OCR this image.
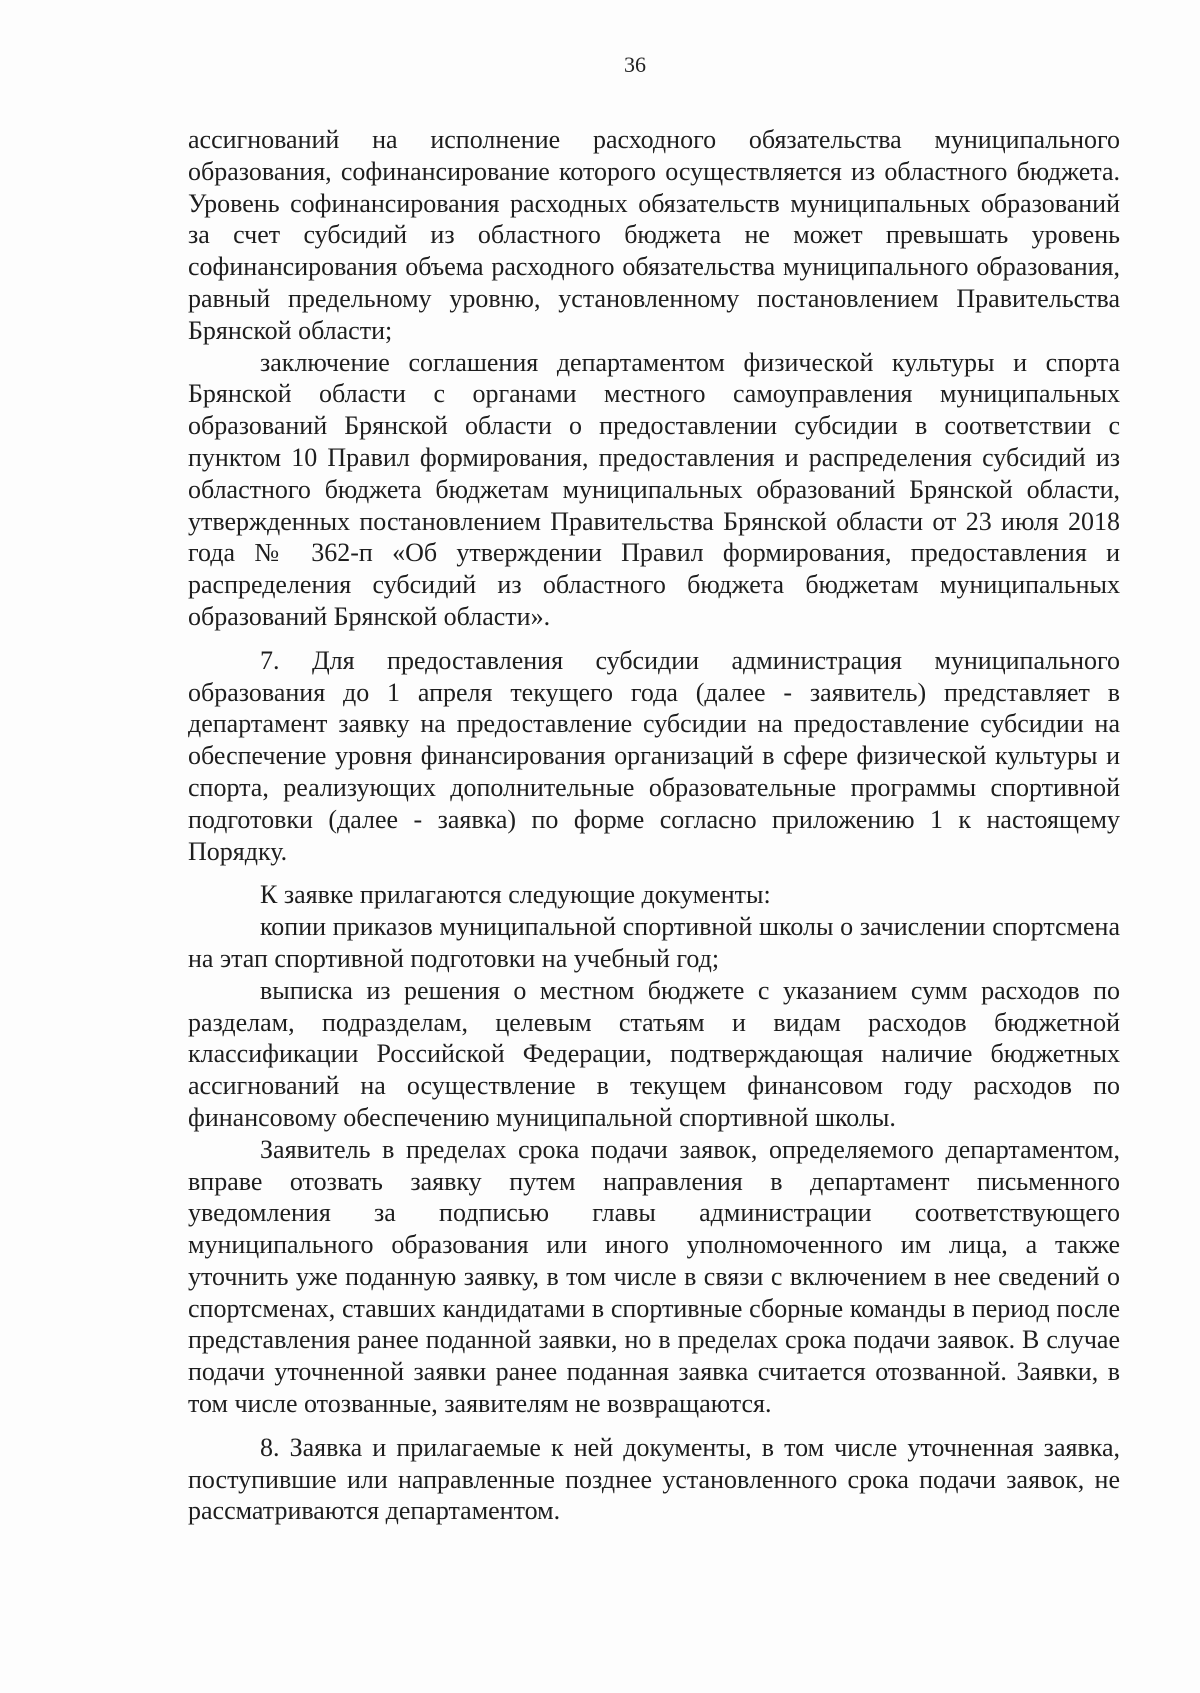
36

ассигнований на исполнение расходного обязательства муниципального образования, софинансирование которого осуществляется из областного бюджета. Уровень софинансирования расходных обязательств муниципальных образований за счет субсидий из областного бюджета не может превышать уровень софинансирования объема расходного обязательства муниципального образования, равный предельному уровню, установленному постановлением Правительства Брянской области;

заключение соглашения департаментом физической культуры и спорта Брянской области с органами местного самоуправления муниципальных образований Брянской области о предоставлении субсидии в соответствии с пунктом 10 Правил формирования, предоставления и распределения субсидий из областного бюджета бюджетам муниципальных образований Брянской области, утвержденных постановлением Правительства Брянской области от 23 июля 2018 года № 362-п «Об утверждении Правил формирования, предоставления и распределения субсидий из областного бюджета бюджетам муниципальных образований Брянской области».

7. Для предоставления субсидии администрация муниципального образования до 1 апреля текущего года (далее - заявитель) представляет в департамент заявку на предоставление субсидии на предоставление субсидии на обеспечение уровня финансирования организаций в сфере физической культуры и спорта, реализующих дополнительные образовательные программы спортивной подготовки (далее - заявка) по форме согласно приложению 1 к настоящему Порядку.

К заявке прилагаются следующие документы:

копии приказов муниципальной спортивной школы о зачислении спортсмена на этап спортивной подготовки на учебный год;

выписка из решения о местном бюджете с указанием сумм расходов по разделам, подразделам, целевым статьям и видам расходов бюджетной классификации Российской Федерации, подтверждающая наличие бюджетных ассигнований на осуществление в текущем финансовом году расходов по финансовому обеспечению муниципальной спортивной школы.

Заявитель в пределах срока подачи заявок, определяемого департаментом, вправе отозвать заявку путем направления в департамент письменного уведомления за подписью главы администрации соответствующего муниципального образования или иного уполномоченного им лица, а также уточнить уже поданную заявку, в том числе в связи с включением в нее сведений о спортсменах, ставших кандидатами в спортивные сборные команды в период после представления ранее поданной заявки, но в пределах срока подачи заявок. В случае подачи уточненной заявки ранее поданная заявка считается отозванной. Заявки, в том числе отозванные, заявителям не возвращаются.

8. Заявка и прилагаемые к ней документы, в том числе уточненная заявка, поступившие или направленные позднее установленного срока подачи заявок, не рассматриваются департаментом.
